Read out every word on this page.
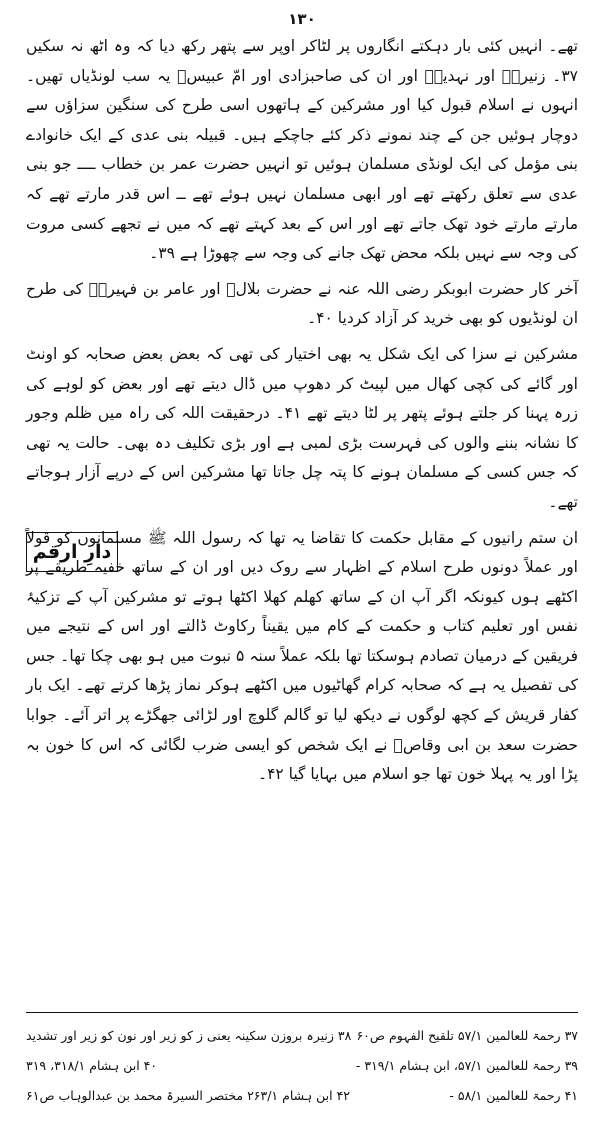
۱۳۰

تھے۔ انہیں کئی بار دہکتے انگاروں پر لٹاکر اوپر سے پتھر رکھ دیا کہ وہ اٹھ نہ سکیں ۳۷۔ زنیرہؓ اور نہدیہؓ اور ان کی صاحبزادی اور امّ عبیسؓ یہ سب لونڈیاں تھیں۔ انہوں نے اسلام قبول کیا اور مشرکین کے ہاتھوں اسی طرح کی سنگین سزاؤں سے دوچار ہوئیں جن کے چند نمونے ذکر کئے جاچکے ہیں۔ قبیلہ بنی عدی کے ایک خانوادے بنی مؤمل کی ایک لونڈی مسلمان ہوئیں تو انہیں حضرت عمر بن خطاب ــــ جو بنی عدی سے تعلق رکھتے تھے اور ابھی مسلمان نہیں ہوئے تھے ــ اس قدر مارتے تھے کہ مارتے مارتے خود تھک جاتے تھے اور اس کے بعد کہتے تھے کہ میں نے تجھے کسی مروت کی وجہ سے نہیں بلکہ محض تھک جانے کی وجہ سے چھوڑا ہے ۳۹۔

آخر کار حضرت ابوبکر رضی اللہ عنہ نے حضرت بلالؓ اور عامر بن فہیرہؓ کی طرح ان لونڈیوں کو بھی خرید کر آزاد کردیا ۴۰۔

مشرکین نے سزا کی ایک شکل یہ بھی اختیار کی تھی کہ بعض بعض صحابہ کو اونٹ اور گائے کی کچی کھال میں لپیٹ کر دھوپ میں ڈال دیتے تھے اور بعض کو لوہے کی زرہ پہنا کر جلتے ہوئے پتھر پر لٹا دیتے تھے ۴۱۔ درحقیقت اللہ کی راہ میں ظلم وجور کا نشانہ بننے والوں کی فہرست بڑی لمبی ہے اور بڑی تکلیف دہ بھی۔ حالت یہ تھی کہ جس کسی کے مسلمان ہونے کا پتہ چل جاتا تھا مشرکین اس کے درپے آزار ہوجاتے تھے۔

دارِ ارقم

ان ستم رانیوں کے مقابل حکمت کا تقاضا یہ تھا کہ رسول اللہ ﷺ مسلمانوں کو قولاً اور عملاً دونوں طرح اسلام کے اظہار سے روک دیں اور ان کے ساتھ خفیہ طریقے پر اکٹھے ہوں کیونکہ اگر آپ ان کے ساتھ کھلم کھلا اکٹھا ہوتے تو مشرکین آپ کے تزکیۂ نفس اور تعلیم کتاب و حکمت کے کام میں یقیناً رکاوٹ ڈالتے اور اس کے نتیجے میں فریقین کے درمیان تصادم ہوسکتا تھا بلکہ عملاً سنہ ۵ نبوت میں ہو بھی چکا تھا۔ جس کی تفصیل یہ ہے کہ صحابہ کرام گھاٹیوں میں اکٹھے ہوکر نماز پڑھا کرتے تھے۔ ایک بار کفار قریش کے کچھ لوگوں نے دیکھ لیا تو گالم گلوچ اور لڑائی جھگڑے پر اتر آئے۔ جوابا حضرت سعد بن ابی وقاصؓ نے ایک شخص کو ایسی ضرب لگائی کہ اس کا خون بہ پڑا اور یہ پہلا خون تھا جو اسلام میں بہایا گیا ۴۲۔

۳۷ رحمۃ للعالمین ۵۷/۱ تلقیح الفہوم ص۶۰
۳۸ زنیرہ بروزن سکینہ یعنی ز کو زیر اور نون کو زیر اور تشدید
۳۹ رحمۃ للعالمین ۵۷/۱، ابن ہشام ۳۱۹/۱ -
۴۰ ابن ہشام ۳۱۸/۱، ۳۱۹
۴۱ رحمۃ للعالمین ۵۸/۱ -
۴۲ ابن ہشام ۲۶۳/۱ مختصر السیرۃ محمد بن عبدالوہاب ص۶۱
